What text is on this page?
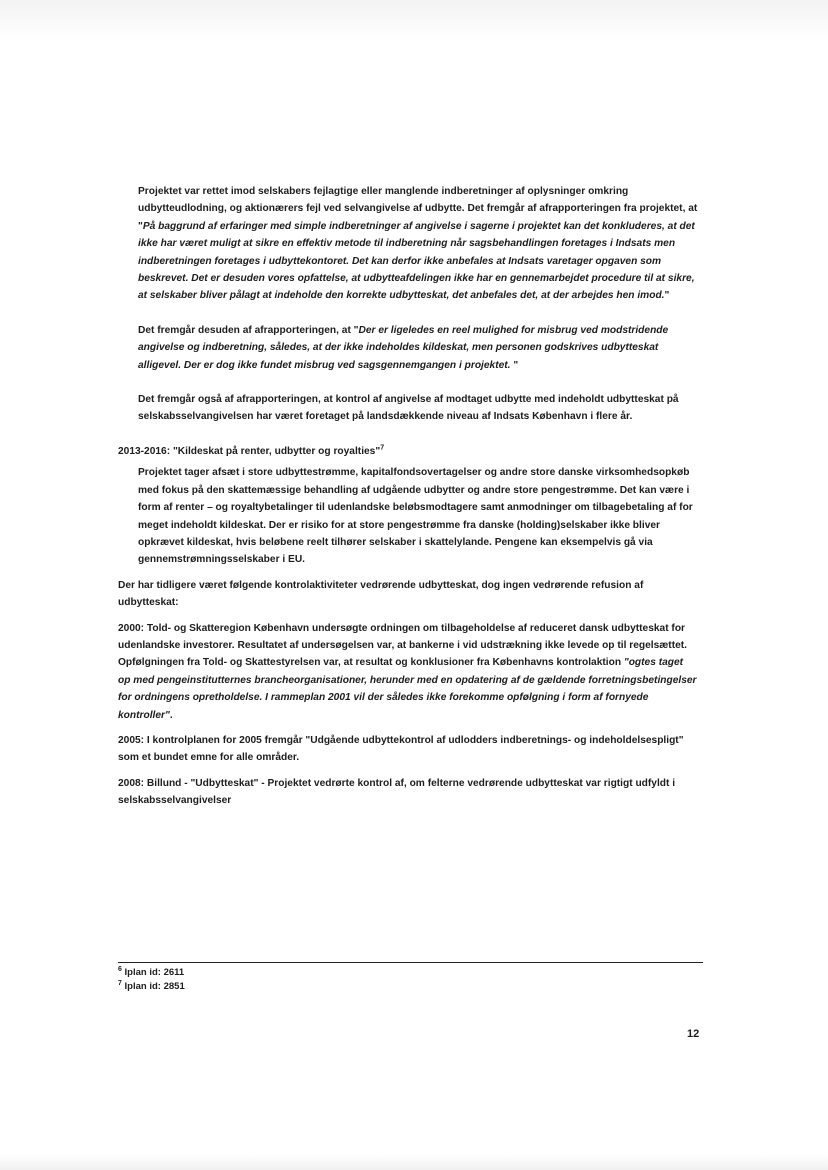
Projektet var rettet imod selskabers fejlagtige eller manglende indberetninger af oplysninger omkring udbytteudlodning, og aktionærers fejl ved selvangivelse af udbytte. Det fremgår af afrapporteringen fra projektet, at "På baggrund af erfaringer med simple indberetninger af angivelse i sagerne i projektet kan det konkluderes, at det ikke har været muligt at sikre en effektiv metode til indberetning når sagsbehandlingen foretages i Indsats men indberetningen foretages i udbyttekontoret. Det kan derfor ikke anbefales at Indsats varetager opgaven som beskrevet. Det er desuden vores opfattelse, at udbytteafdelingen ikke har en gennemarbejdet procedure til at sikre, at selskaber bliver pålagt at indeholde den korrekte udbytteskat, det anbefales det, at der arbejdes hen imod."

Det fremgår desuden af afrapporteringen, at "Der er ligeledes en reel mulighed for misbrug ved modstridende angivelse og indberetning, således, at der ikke indeholdes kildeskat, men personen godskrives udbytteskat alligevel. Der er dog ikke fundet misbrug ved sagsgennemgangen i projektet. "

Det fremgår også af afrapporteringen, at kontrol af angivelse af modtaget udbytte med indeholdt udbytteskat på selskabsselvangivelsen har været foretaget på landsdækkende niveau af Indsats København i flere år.

2013-2016: "Kildeskat på renter, udbytter og royalties"$^7$

Projektet tager afsæt i store udbyttestrømme, kapitalfondsovertagelser og andre store danske virksomhedsopkøb med fokus på den skattemæssige behandling af udgående udbytter og andre store pengestrømme. Det kan være i form af renter – og royaltybetalinger til udenlandske beløbsmodtagere samt anmodninger om tilbagebetaling af for meget indeholdt kildeskat. Der er risiko for at store pengestrømme fra danske (holding)selskaber ikke bliver opkrævet kildeskat, hvis beløbene reelt tilhører selskaber i skattelylande. Pengene kan eksempelvis gå via gennemstrømningsselskaber i EU.

Der har tidligere været følgende kontrolaktiviteter vedrørende udbytteskat, dog ingen vedrørende refusion af udbytteskat:

2000: Told- og Skatteregion København undersøgte ordningen om tilbageholdelse af reduceret dansk udbytteskat for udenlandske investorer. Resultatet af undersøgelsen var, at bankerne i vid udstrækning ikke levede op til regelsættet. Opfølgningen fra Told- og Skattestyrelsen var, at resultat og konklusioner fra Københavns kontrolaktion "ogtes taget op med pengeinstitutternes brancheorganisationer, herunder med en opdatering af de gældende forretningsbetingelser for ordningens opretholdelse. I rammeplan 2001 vil der således ikke forekomme opfølgning i form af fornyede kontroller".

2005: I kontrolplanen for 2005 fremgår "Udgående udbyttekontrol af udlodders indberetnings- og indeholdelsespligt" som et bundet emne for alle områder.

2008: Billund - "Udbytteskat" - Projektet vedrørte kontrol af, om felterne vedrørende udbytteskat var rigtigt udfyldt i selskabsselvangivelser

$^6$ Iplan id: 2611
$^7$ Iplan id: 2851
12
